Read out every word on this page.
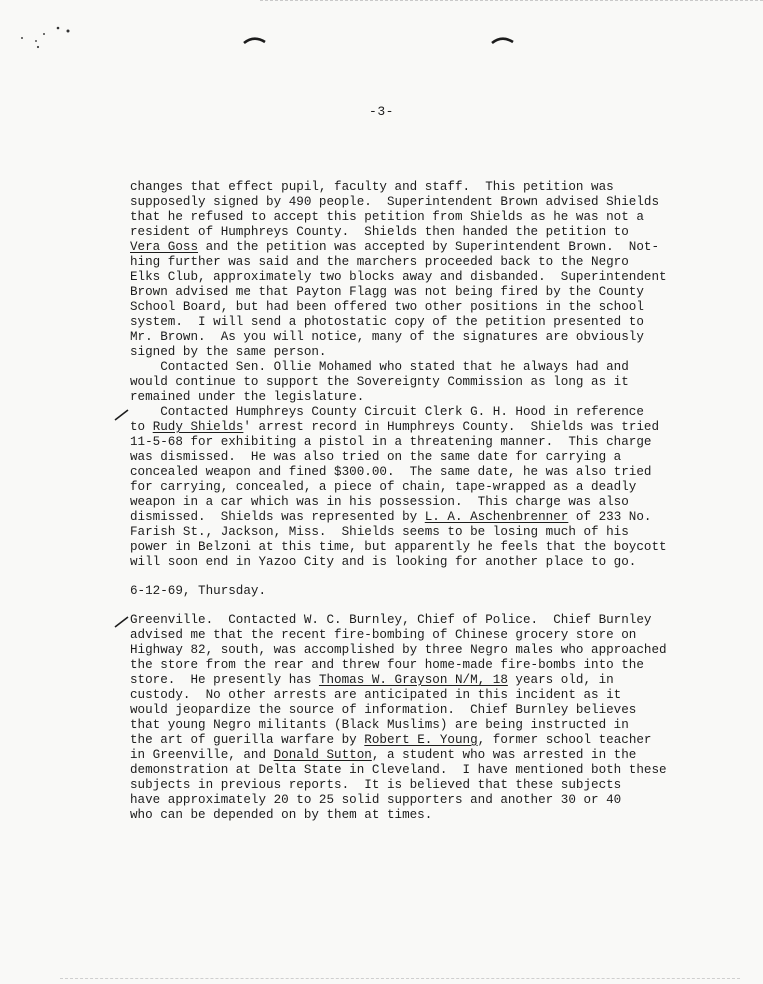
-3-
changes that effect pupil, faculty and staff.  This petition was
supposedly signed by 490 people.  Superintendent Brown advised Shields
that he refused to accept this petition from Shields as he was not a
resident of Humphreys County.  Shields then handed the petition to
Vera Goss and the petition was accepted by Superintendent Brown.  Not-
hing further was said and the marchers proceeded back to the Negro
Elks Club, approximately two blocks away and disbanded.  Superintendent
Brown advised me that Payton Flagg was not being fired by the County
School Board, but had been offered two other positions in the school
system.  I will send a photostatic copy of the petition presented to
Mr. Brown.  As you will notice, many of the signatures are obviously
signed by the same person.
Contacted Sen. Ollie Mohamed who stated that he always had and
would continue to support the Sovereignty Commission as long as it
remained under the legislature.
Contacted Humphreys County Circuit Clerk G. H. Hood in reference
to Rudy Shields' arrest record in Humphreys County.  Shields was tried
11-5-68 for exhibiting a pistol in a threatening manner.  This charge
was dismissed.  He was also tried on the same date for carrying a
concealed weapon and fined $300.00.  The same date, he was also tried
for carrying, concealed, a piece of chain, tape-wrapped as a deadly
weapon in a car which was in his possession.  This charge was also
dismissed.  Shields was represented by L. A. Aschenbrenner of 233 No.
Farish St., Jackson, Miss.  Shields seems to be losing much of his
power in Belzoni at this time, but apparently he feels that the boycott
will soon end in Yazoo City and is looking for another place to go.
6-12-69, Thursday.
Greenville.  Contacted W. C. Burnley, Chief of Police.  Chief Burnley
advised me that the recent fire-bombing of Chinese grocery store on
Highway 82, south, was accomplished by three Negro males who approached
the store from the rear and threw four home-made fire-bombs into the
store.  He presently has Thomas W. Grayson N/M, 18 years old, in
custody.  No other arrests are anticipated in this incident as it
would jeopardize the source of information.  Chief Burnley believes
that young Negro militants (Black Muslims) are being instructed in
the art of guerilla warfare by Robert E. Young, former school teacher
in Greenville, and Donald Sutton, a student who was arrested in the
demonstration at Delta State in Cleveland.  I have mentioned both these
subjects in previous reports.  It is believed that these subjects
have approximately 20 to 25 solid supporters and another 30 or 40
who can be depended on by them at times.
